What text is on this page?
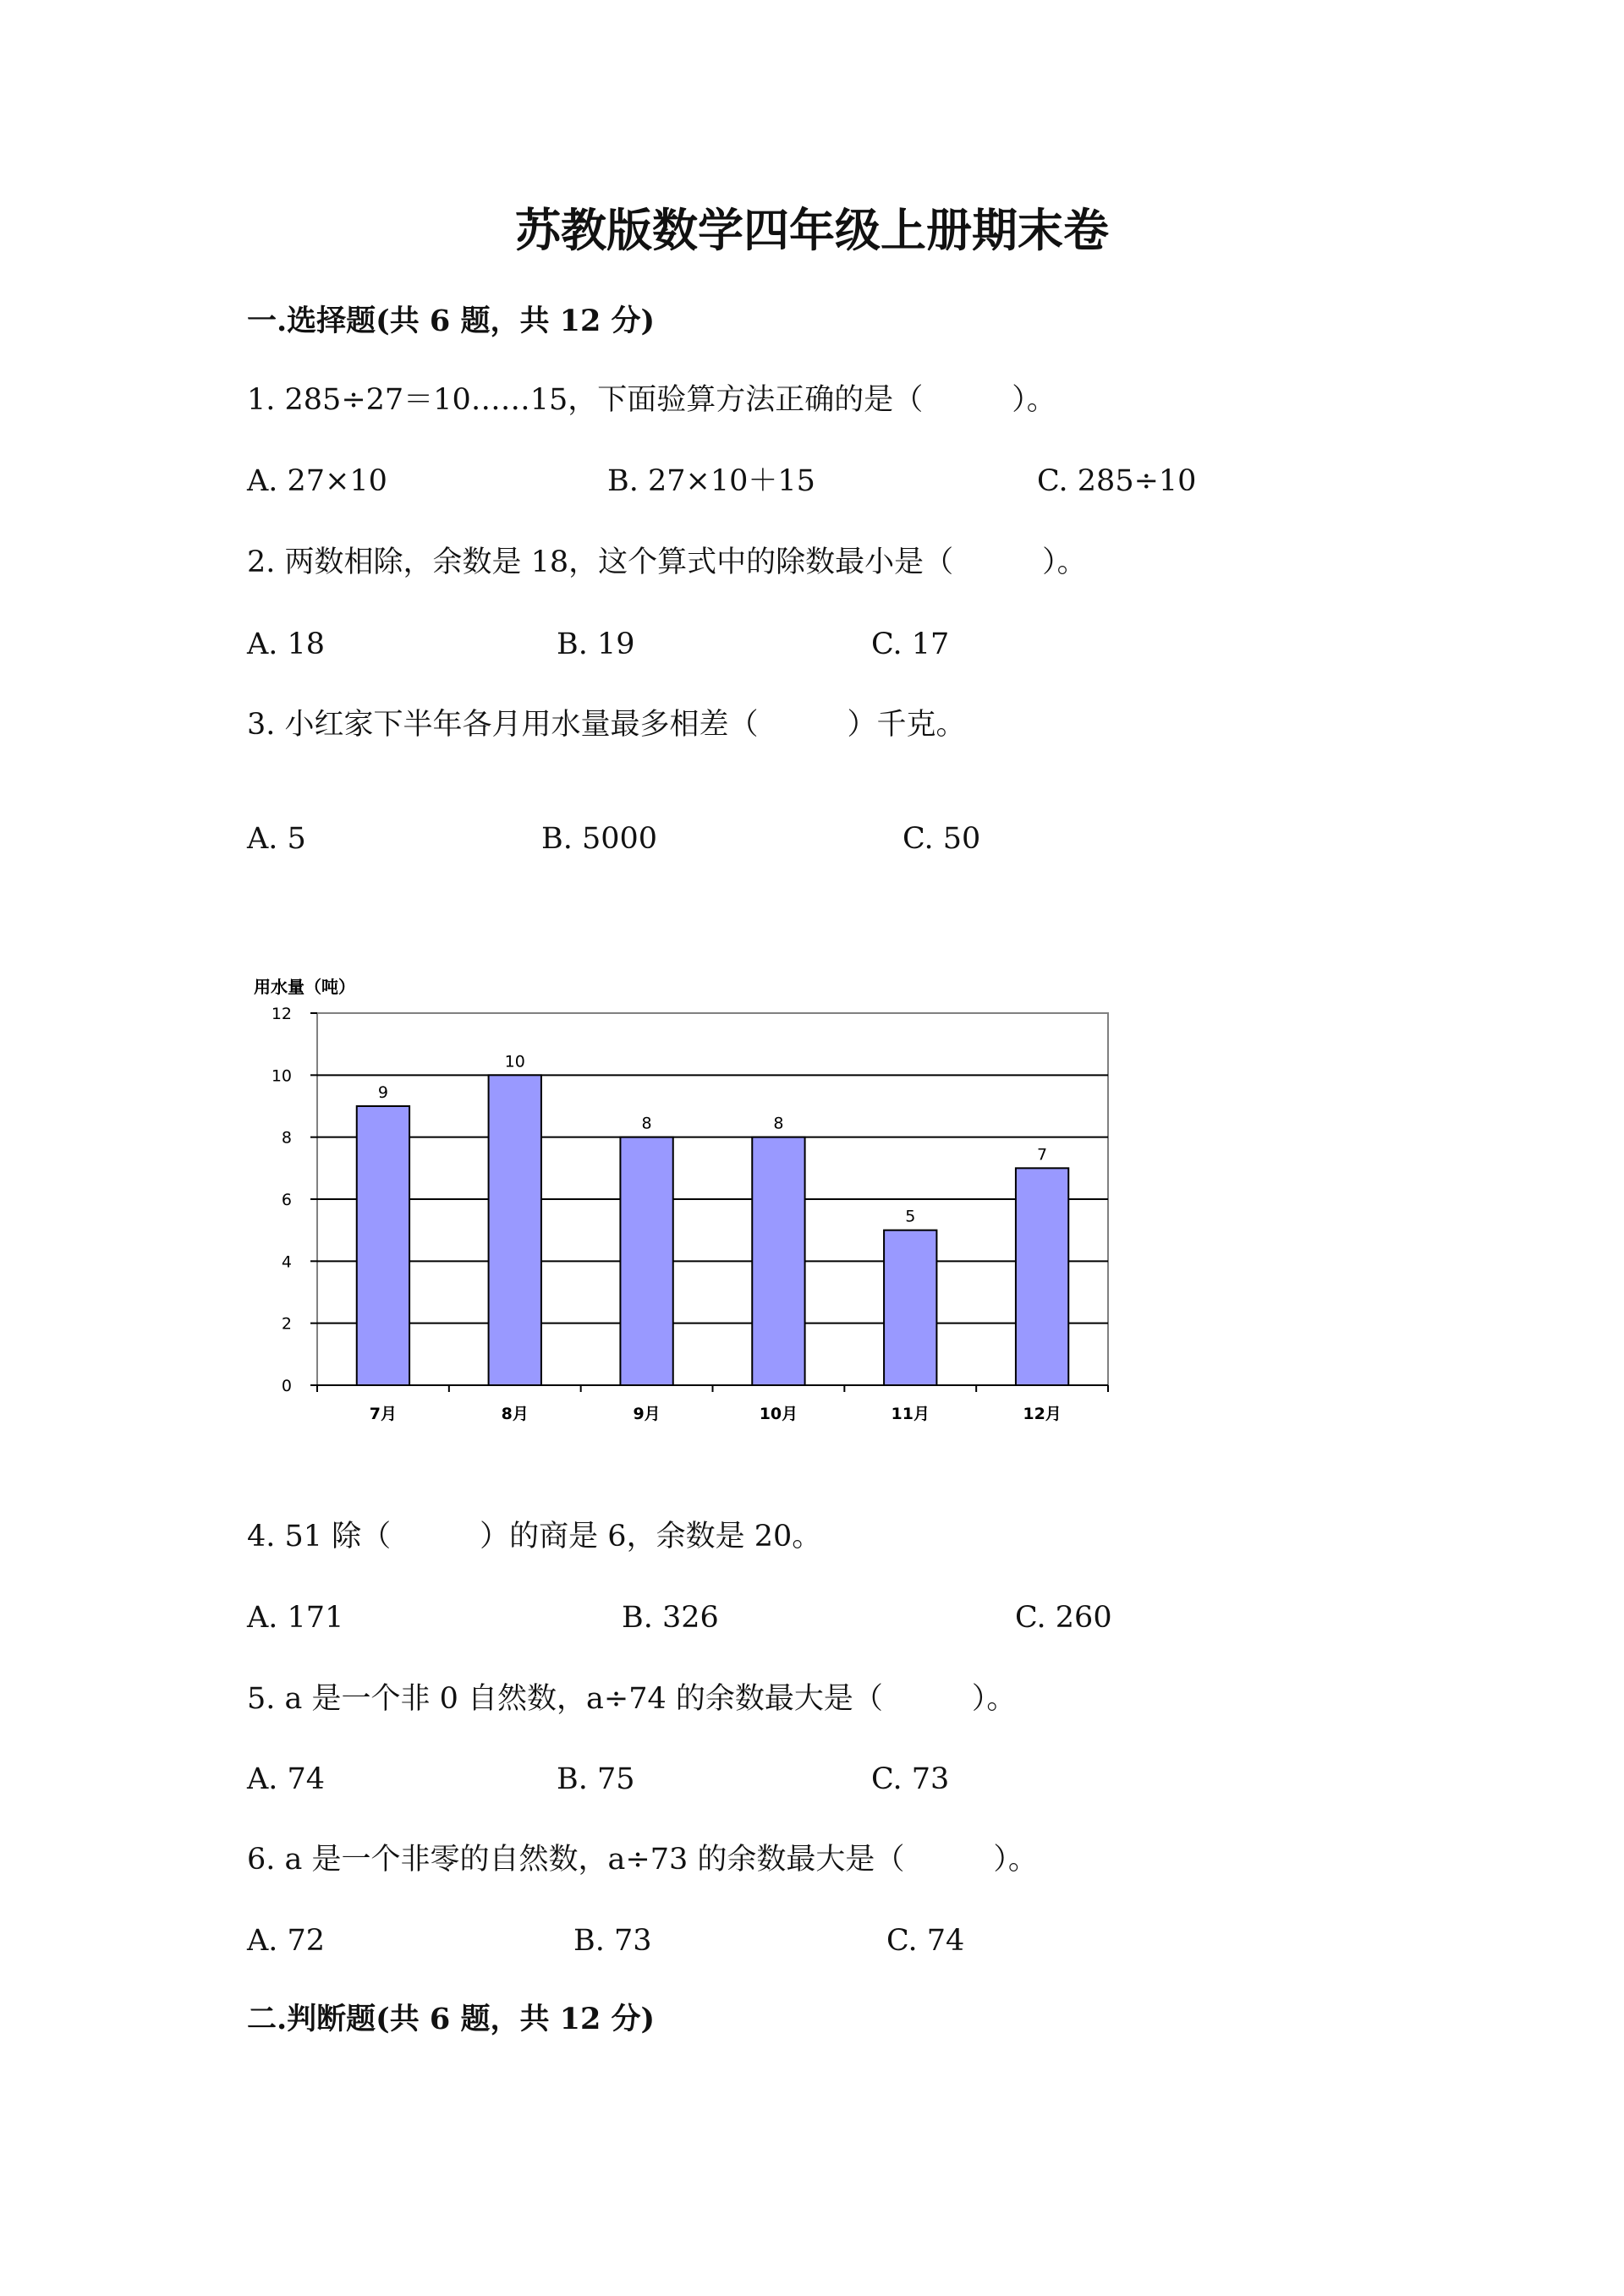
苏教版数学四年级上册期末卷
一.选择题(共 6 题，共 12 分)
1. 285÷27＝10……15，下面验算方法正确的是（　　　）。
A. 27×10	B. 27×10＋15	C. 285÷10
2. 两数相除，余数是 18，这个算式中的除数最小是（　　　）。
A. 18	B. 19	C. 17
3. 小红家下半年各月用水量最多相差（　　　）千克。
A. 5	B. 5000	C. 50
用水量（吨）
9
10
8	8
5
7
0
2
4
6
8
10
12
7月	8月	9月	10月	11月	12月
4. 51 除（　　　）的商是 6，余数是 20。
A. 171	B. 326	C. 260
5. a 是一个非 0 自然数，a÷74 的余数最大是（　　　）。
A. 74	B. 75	C. 73
6. a 是一个非零的自然数，a÷73 的余数最大是（　　　）。
A. 72	B. 73	C. 74
二.判断题(共 6 题，共 12 分)
